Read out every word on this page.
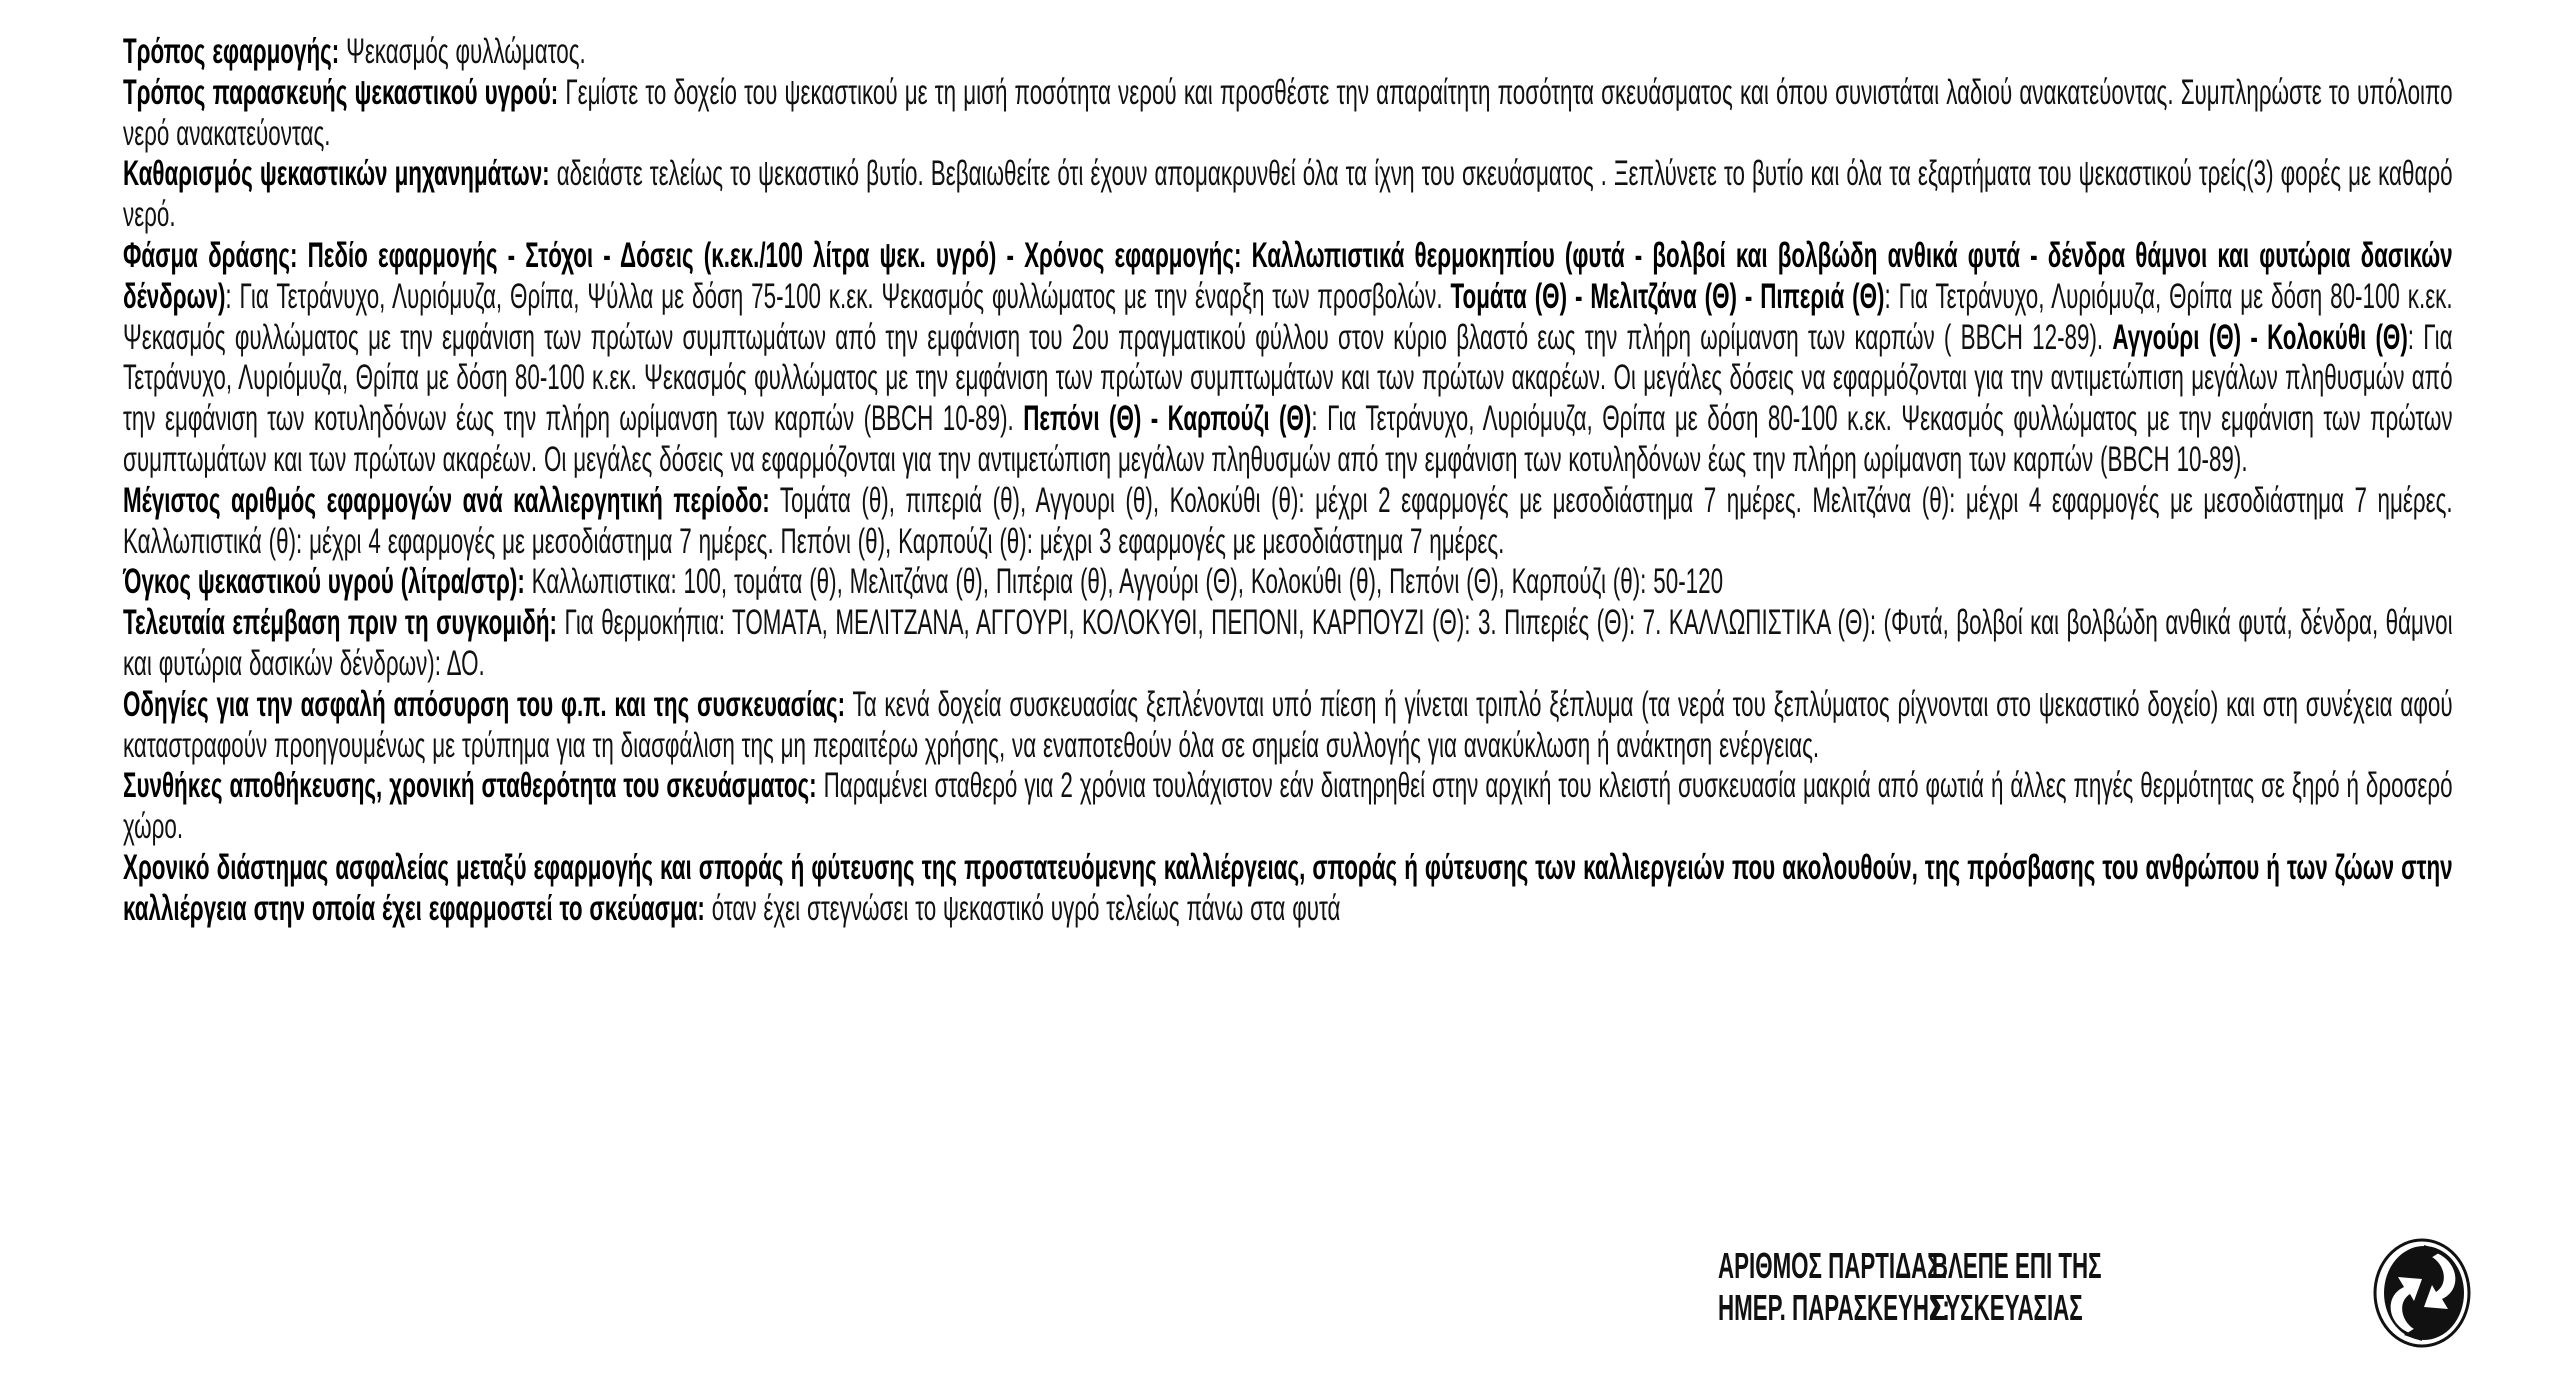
Τρόπος εφαρμογής: Ψεκασμός φυλλώματος.

Τρόπος παρασκευής ψεκαστικού υγρού: Γεμίστε το δοχείο του ψεκαστικού με τη μισή ποσότητα νερού και προσθέστε την απαραίτητη ποσότητα σκευάσματος και όπου συνιστάται λαδιού ανακατεύοντας. Συμπληρώστε το υπόλοιπο νερό ανακατεύοντας.

Καθαρισμός ψεκαστικών μηχανημάτων: αδειάστε τελείως το ψεκαστικό βυτίο. Βεβαιωθείτε ότι έχουν απομακρυνθεί όλα τα ίχνη του σκευάσματος . Ξεπλύνετε το βυτίο και όλα τα εξαρτήματα του ψεκαστικού τρείς(3) φορές με καθαρό νερό.

Φάσμα δράσης: Πεδίο εφαρμογής - Στόχοι - Δόσεις (κ.εκ./100 λίτρα ψεκ. υγρό) - Χρόνος εφαρμογής: Καλλωπιστικά θερμοκηπίου (φυτά - βολβοί και βολβώδη ανθικά φυτά - δένδρα θάμνοι και φυτώρια δασικών δένδρων): Για Τετράνυχο, Λυριόμυζα, Θρίπα, Ψύλλα με δόση 75-100 κ.εκ. Ψεκασμός φυλλώματος με την έναρξη των προσβολών. Τομάτα (Θ) - Μελιτζάνα (Θ) - Πιπεριά (Θ): Για Τετράνυχο, Λυριόμυζα, Θρίπα με δόση 80-100 κ.εκ. Ψεκασμός φυλλώματος με την εμφάνιση των πρώτων συμπτωμάτων από την εμφάνιση του 2ου πραγματικού φύλλου στον κύριο βλαστό εως την πλήρη ωρίμανση των καρπών ( BBCH 12-89). Αγγούρι (Θ) - Κολοκύθι (Θ): Για Τετράνυχο, Λυριόμυζα, Θρίπα με δόση 80-100 κ.εκ. Ψεκασμός φυλλώματος με την εμφάνιση των πρώτων συμπτωμάτων και των πρώτων ακαρέων. Οι μεγάλες δόσεις να εφαρμόζονται για την αντιμετώπιση μεγάλων πληθυσμών από την εμφάνιση των κοτυληδόνων έως την πλήρη ωρίμανση των καρπών (BBCH 10-89). Πεπόνι (Θ) - Καρπούζι (Θ): Για Τετράνυχο, Λυριόμυζα, Θρίπα με δόση 80-100 κ.εκ. Ψεκασμός φυλλώματος με την εμφάνιση των πρώτων συμπτωμάτων και των πρώτων ακαρέων. Οι μεγάλες δόσεις να εφαρμόζονται για την αντιμετώπιση μεγάλων πληθυσμών από την εμφάνιση των κοτυληδόνων έως την πλήρη ωρίμανση των καρπών (BBCH 10-89).

Μέγιστος αριθμός εφαρμογών ανά καλλιεργητική περίοδο: Τομάτα (θ), πιπεριά (θ), Αγγουρι (θ), Κολοκύθι (θ): μέχρι 2 εφαρμογές με μεσοδιάστημα 7 ημέρες. Μελιτζάνα (θ): μέχρι 4 εφαρμογές με μεσοδιάστημα 7 ημέρες. Καλλωπιστικά (θ): μέχρι 4 εφαρμογές με μεσοδιάστημα 7 ημέρες. Πεπόνι (θ), Καρπούζι (θ): μέχρι 3 εφαρμογές με μεσοδιάστημα 7 ημέρες.

Όγκος ψεκαστικού υγρού (λίτρα/στρ): Καλλωπιστικα: 100, τομάτα (θ), Μελιτζάνα (θ), Πιπέρια (θ), Αγγούρι (Θ), Κολοκύθι (θ), Πεπόνι (Θ), Καρπούζι (θ): 50-120

Τελευταία επέμβαση πριν τη συγκομιδή: Για θερμοκήπια: ΤΟΜΑΤΑ, ΜΕΛΙΤΖΑΝΑ, ΑΓΓΟΥΡΙ, ΚΟΛΟΚΥΘΙ, ΠΕΠΟΝΙ, ΚΑΡΠΟΥΖΙ (Θ): 3. Πιπεριές (Θ): 7. ΚΑΛΛΩΠΙΣΤΙΚΑ (Θ): (Φυτά, βολβοί και βολβώδη ανθικά φυτά, δένδρα, θάμνοι και φυτώρια δασικών δένδρων): ΔΟ.

Οδηγίες για την ασφαλή απόσυρση του φ.π. και της συσκευασίας: Τα κενά δοχεία συσκευασίας ξεπλένονται υπό πίεση ή γίνεται τριπλό ξέπλυμα (τα νερά του ξεπλύματος ρίχνονται στο ψεκαστικό δοχείο) και στη συνέχεια αφού καταστραφούν προηγουμένως με τρύπημα για τη διασφάλιση της μη περαιτέρω χρήσης, να εναποτεθούν όλα σε σημεία συλλογής για ανακύκλωση ή ανάκτηση ενέργειας.

Συνθήκες αποθήκευσης, χρονική σταθερότητα του σκευάσματος: Παραμένει σταθερό για 2 χρόνια τουλάχιστον εάν διατηρηθεί στην αρχική του κλειστή συσκευασία μακριά από φωτιά ή άλλες πηγές θερμότητας σε ξηρό ή δροσερό χώρο.

Χρονικό διάστημας ασφαλείας μεταξύ εφαρμογής και σποράς ή φύτευσης της προστατευόμενης καλλιέργειας, σποράς ή φύτευσης των καλλιεργειών που ακολουθούν, της πρόσβασης του ανθρώπου ή των ζώων στην καλλιέργεια στην οποία έχει εφαρμοστεί το σκεύασμα: όταν έχει στεγνώσει το ψεκαστικό υγρό τελείως πάνω στα φυτά

ΑΡΙΘΜΟΣ ΠΑΡΤΙΔΑΣ:
ΒΛΕΠΕ ΕΠΙ ΤΗΣ
ΗΜΕΡ. ΠΑΡΑΣΚΕΥΗΣ:
ΣΥΣΚΕΥΑΣΙΑΣ
